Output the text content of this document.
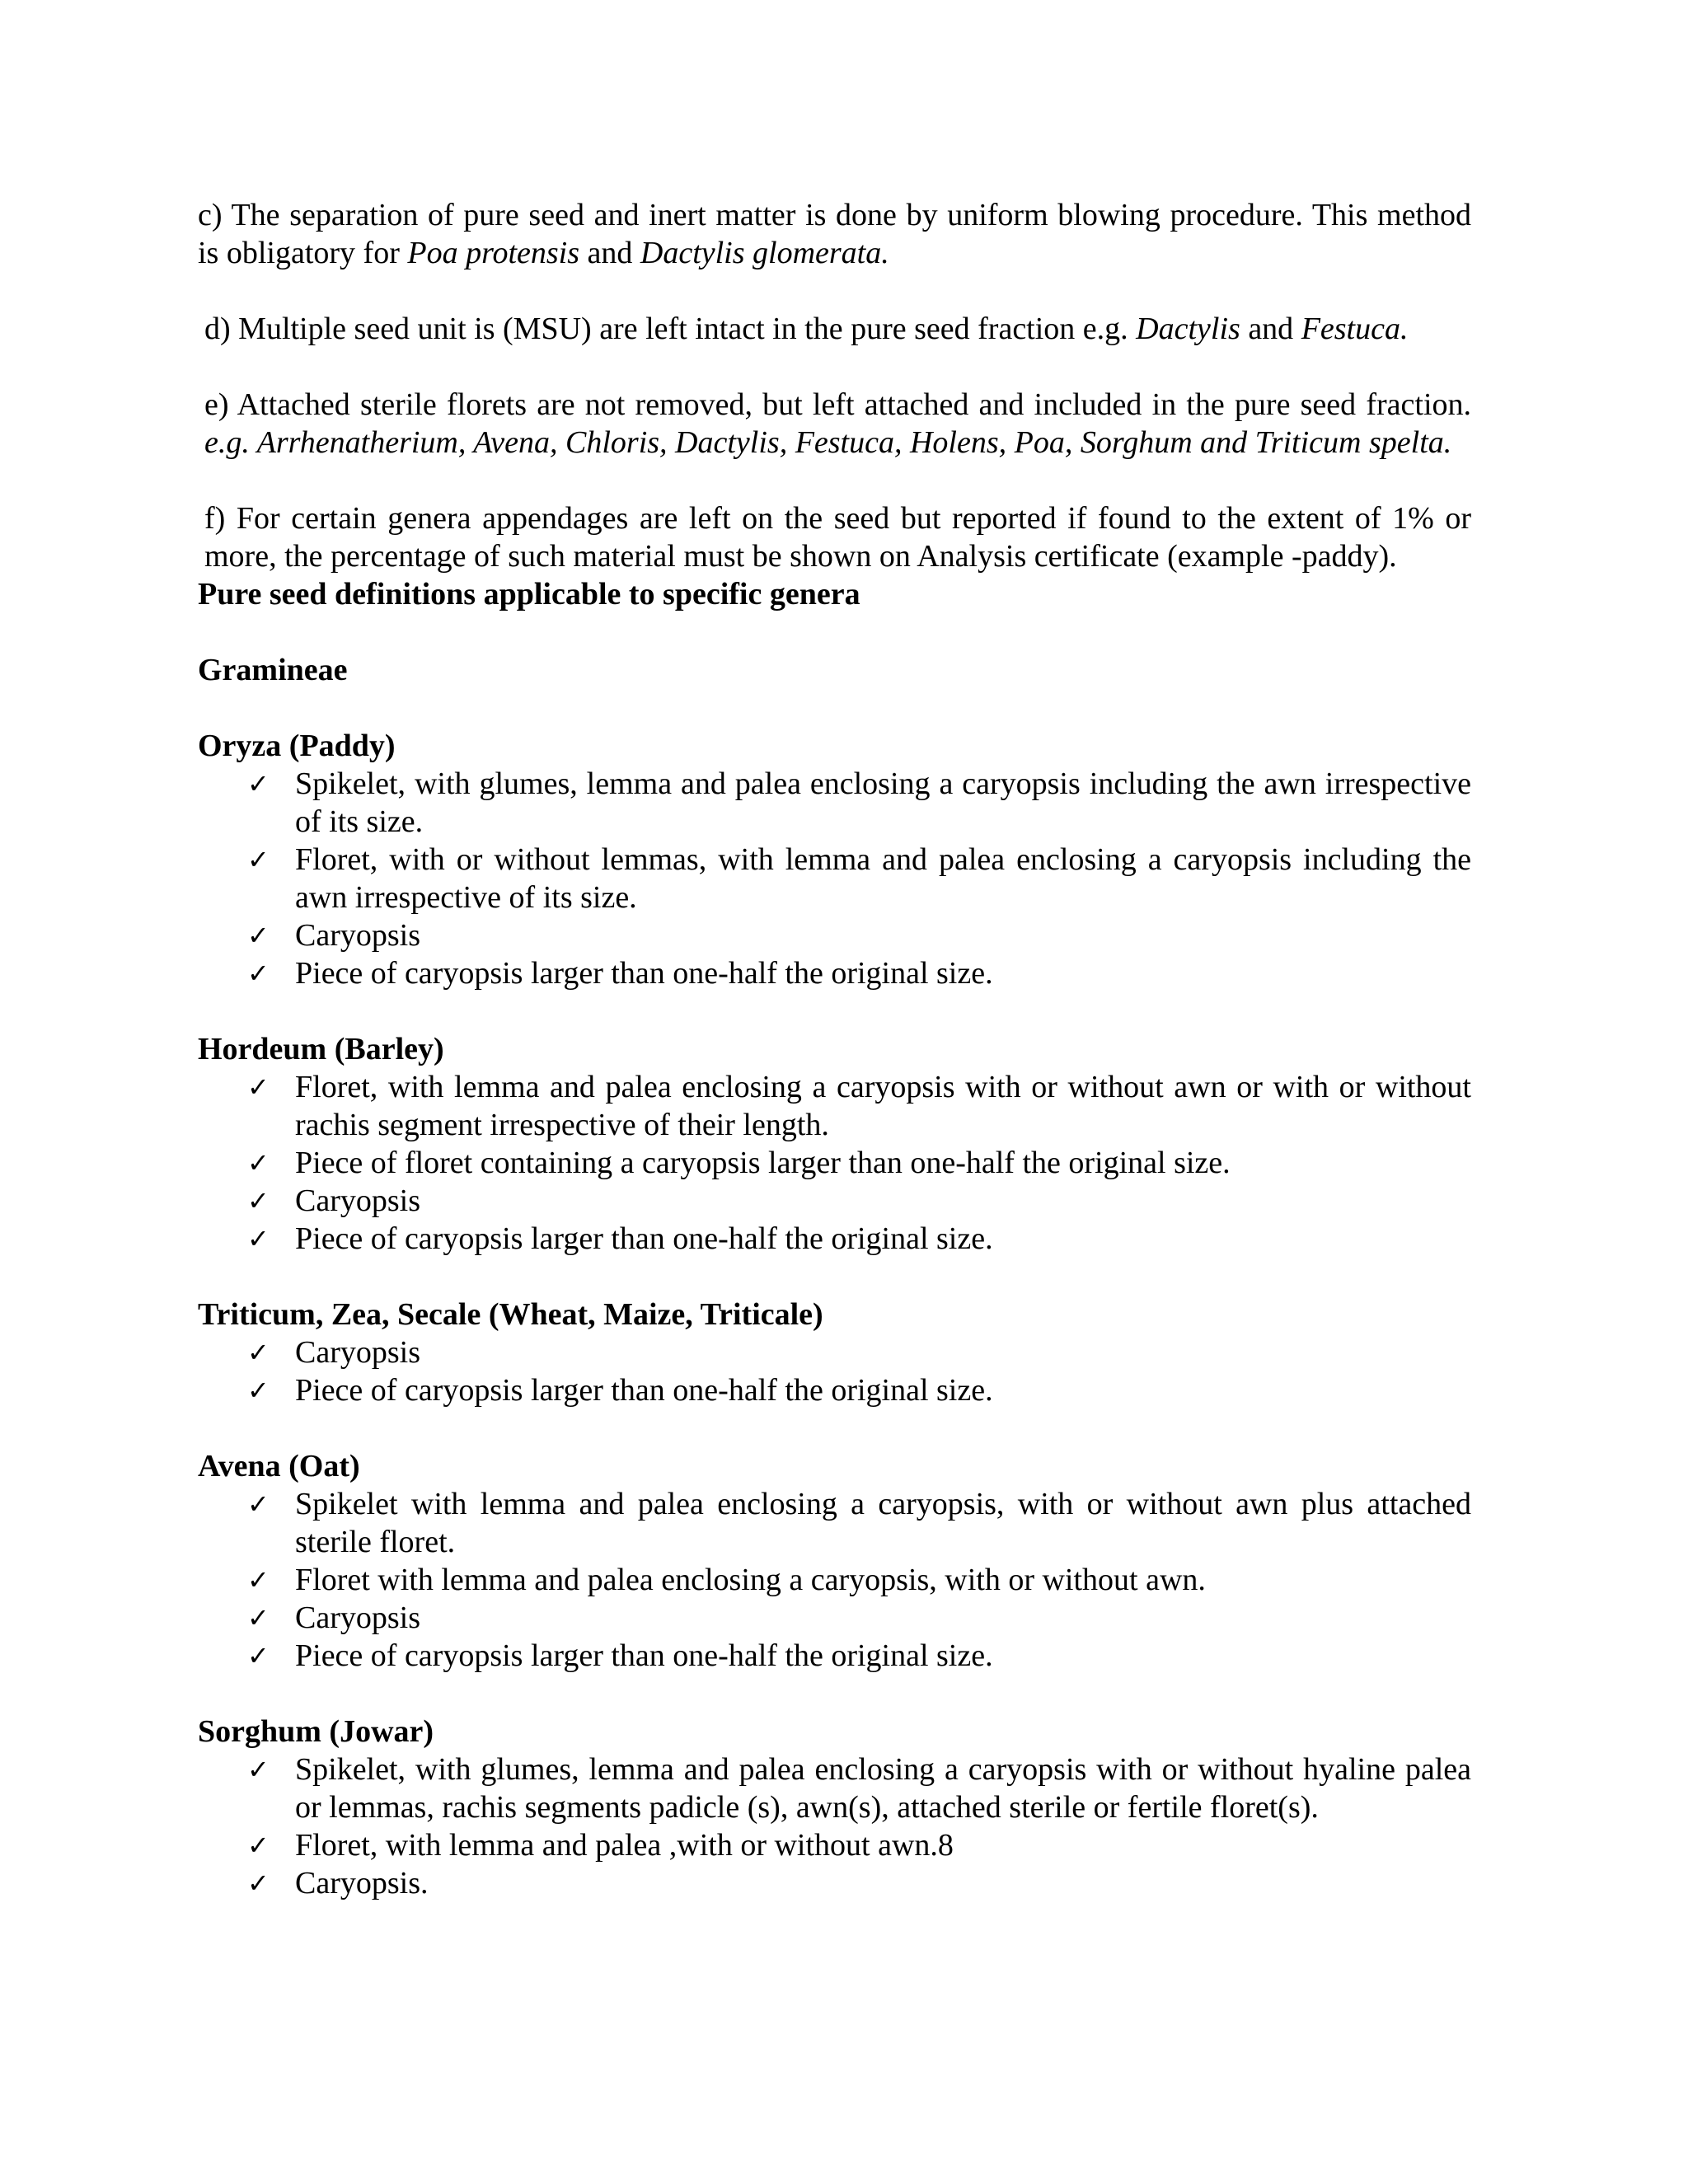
c) The separation of pure seed and inert matter is done by uniform blowing procedure. This method is obligatory for Poa protensis and Dactylis glomerata.

d) Multiple seed unit is (MSU) are left intact in the pure seed fraction e.g. Dactylis and Festuca.

e) Attached sterile florets are not removed, but left attached and included in the pure seed fraction. e.g. Arrhenatherium, Avena, Chloris, Dactylis, Festuca, Holens, Poa, Sorghum and Triticum spelta.

f) For certain genera appendages are left on the seed but reported if found to the extent of 1% or more, the percentage of such material must be shown on Analysis certificate (example -paddy).

Pure seed definitions applicable to specific genera

Gramineae

Oryza (Paddy)

✓ Spikelet, with glumes, lemma and palea enclosing a caryopsis including the awn irrespective of its size.
✓ Floret, with or without lemmas, with lemma and palea enclosing a caryopsis including the awn irrespective of its size.
✓ Caryopsis
✓ Piece of caryopsis larger than one-half the original size.

Hordeum (Barley)

✓ Floret, with lemma and palea enclosing a caryopsis with or without awn or with or without rachis segment irrespective of their length.
✓ Piece of floret containing a caryopsis larger than one-half the original size.
✓ Caryopsis
✓ Piece of caryopsis larger than one-half the original size.

Triticum, Zea, Secale (Wheat, Maize, Triticale)

✓ Caryopsis
✓ Piece of caryopsis larger than one-half the original size.

Avena (Oat)

✓ Spikelet with lemma and palea enclosing a caryopsis, with or without awn plus attached sterile floret.
✓ Floret with lemma and palea enclosing a caryopsis, with or without awn.
✓ Caryopsis
✓ Piece of caryopsis larger than one-half the original size.

Sorghum (Jowar)

✓ Spikelet, with glumes, lemma and palea enclosing a caryopsis with or without hyaline palea or lemmas, rachis segments padicle (s), awn(s), attached sterile or fertile floret(s).
✓ Floret, with lemma and palea ,with or without awn.8
✓ Caryopsis.
